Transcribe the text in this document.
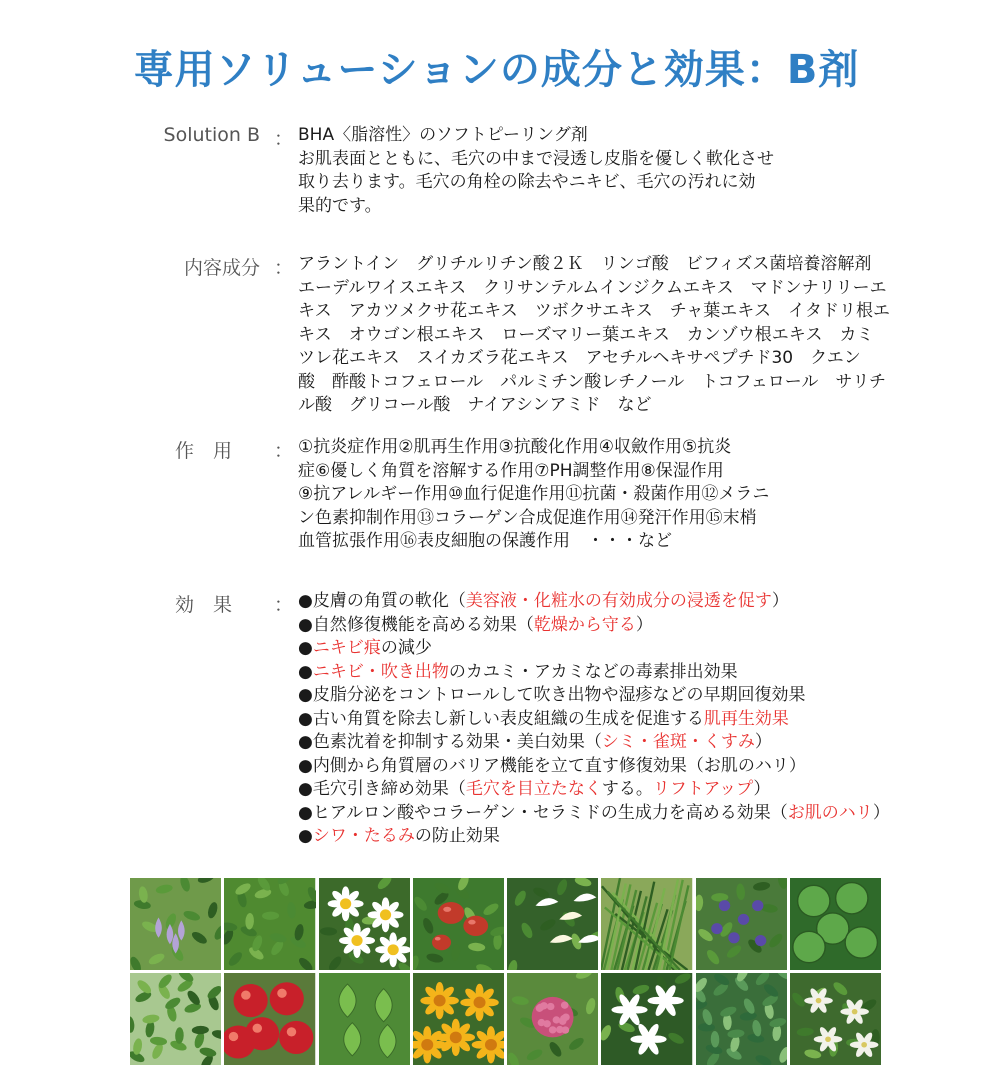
専用ソリューションの成分と効果：B剤
Solution B ： BHA〈脂溶性〉のソフトピーリング剤
お肌表面とともに、毛穴の中まで浸透し皮脂を優しく軟化させ
取り去ります。毛穴の角栓の除去やニキビ、毛穴の汚れに効
果的です。
内容成分 ： アラントイン　グリチルリチン酸２Ｋ　リンゴ酸　ビフィズス菌培養溶解剤
エーデルワイスエキス　クリサンテルムインジクムエキス　マドンナリリーエ
キス　アカツメクサ花エキス　ツボクサエキス　チャ葉エキス　イタドリ根エ
キス　オウゴン根エキス　ローズマリー葉エキス　カンゾウ根エキス　カミ
ツレ花エキス　スイカズラ花エキス　アセチルヘキサペプチド30　クエン
酸　酢酸トコフェロール　パルミチン酸レチノール　トコフェロール　サリチ
ル酸　グリコール酸　ナイアシンアミド　など
作　用 ： ①抗炎症作用②肌再生作用③抗酸化作用④収斂作用⑤抗炎
症⑥優しく角質を溶解する作用⑦PH調整作用⑧保湿作用
⑨抗アレルギー作用⑩血行促進作用⑪抗菌・殺菌作用⑫メラニ
ン色素抑制作用⑬コラーゲン合成促進作用⑭発汗作用⑮末梢
血管拡張作用⑯表皮細胞の保護作用　・・・など
効　果 ： ●皮膚の角質の軟化（美容液・化粧水の有効成分の浸透を促す）
●自然修復機能を高める効果（乾燥から守る）
●ニキビ痕の減少
●ニキビ・吹き出物のカユミ・アカミなどの毒素排出効果
●皮脂分泌をコントロールして吹き出物や湿疹などの早期回復効果
●古い角質を除去し新しい表皮組織の生成を促進する肌再生効果
●色素沈着を抑制する効果・美白効果（シミ・雀斑・くすみ）
●内側から角質層のバリア機能を立て直す修復効果（お肌のハリ）
●毛穴引き締め効果（毛穴を目立たなくする。リフトアップ）
●ヒアルロン酸やコラーゲン・セラミドの生成力を高める効果（お肌のハリ）
●シワ・たるみの防止効果
